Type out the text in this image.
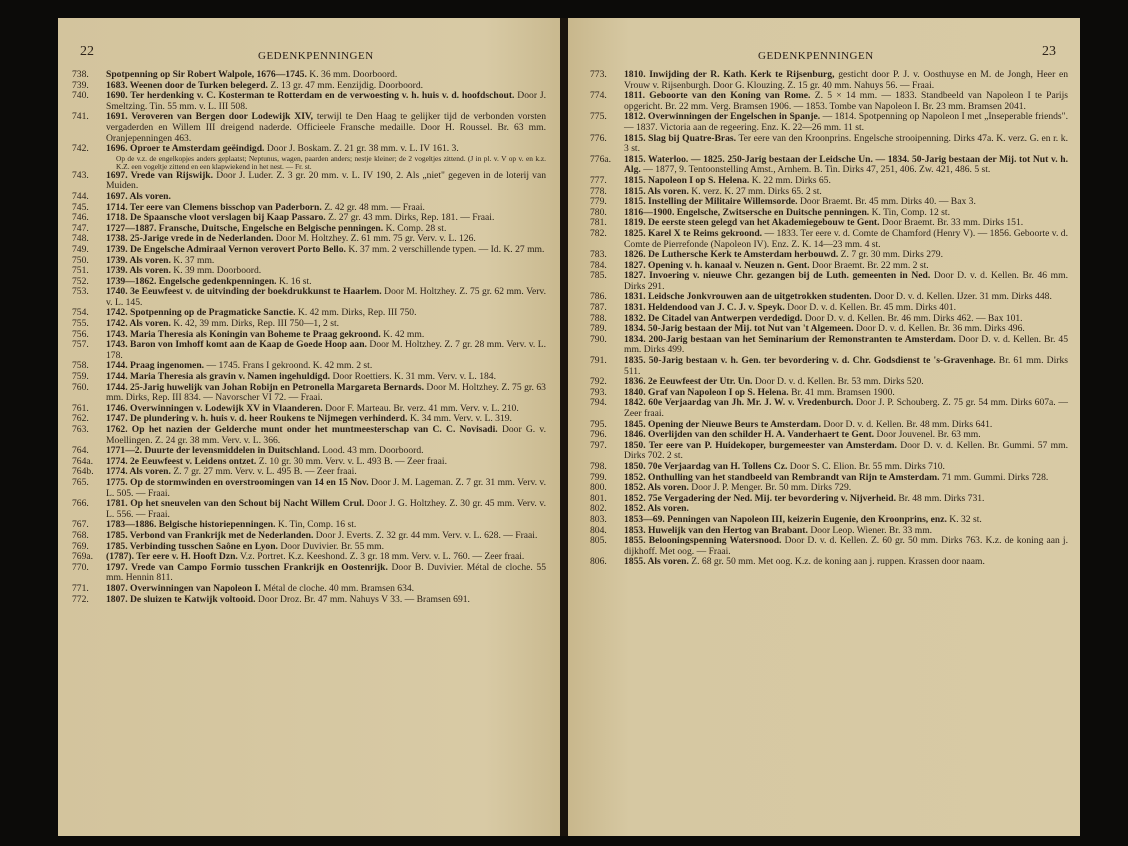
22	GEDENKPENNINGEN
738.	Spotpenning op Sir Robert Walpole, 1676—1745. K. 36 mm. Doorboord.
739.	1683. Weenen door de Turken belegerd. Z. 13 gr. 47 mm. Eenzijdig. Doorboord.
740.	1690. Ter herdenking v. C. Kosterman te Rotterdam en de verwoesting v. h. huis v. d. hoofdschout. Door J. Smeltzing. Tin. 55 mm. v. L. III 508.
741.	1691. Veroveren van Bergen door Lodewijk XIV, terwijl te Den Haag te gelijker tijd de verbonden vorsten vergaderden en Willem III dreigend naderde. Officieele Fransche medaille. Door H. Roussel. Br. 63 mm. Oranjepenningen 463.
742.	1696. Oproer te Amsterdam geëindigd. Door J. Boskam. Z. 21 gr. 38 mm. v. L. IV 161. 3.
Op de v.z. de engelkopjes anders geplaatst; Neptunus, wagen, paarden anders; nestje kleiner; de 2 vogeltjes zittend. (J in pl. v. V op v. en k.z. K.Z. een vogeltje zittend en een klapwiekend in het nest. — Fr. st.
743.	1697. Vrede van Rijswijk. Door J. Luder. Z. 3 gr. 20 mm. v. L. IV 190, 2. Als „niet" gegeven in de loterij van Muiden.
744.	1697. Als voren.
745.	1714. Ter eere van Clemens bisschop van Paderborn. Z. 42 gr. 48 mm. — Fraai.
746.	1718. De Spaansche vloot verslagen bij Kaap Passaro. Z. 27 gr. 43 mm. Dirks, Rep. 181. — Fraai.
747.	1727—1887. Fransche, Duitsche, Engelsche en Belgische penningen. K. Comp. 28 st.
748.	1738. 25-Jarige vrede in de Nederlanden. Door M. Holtzhey. Z. 61 mm. 75 gr. Verv. v. L. 126.
749.	1739. De Engelsche Admiraal Vernon verovert Porto Bello. K. 37 mm. 2 verschillende typen. — Id. K. 27 mm.
750.	1739. Als voren. K. 37 mm.
751.	1739. Als voren. K. 39 mm. Doorboord.
752.	1739—1862. Engelsche gedenkpenningen. K. 16 st.
753.	1740. 3e Eeuwfeest v. de uitvinding der boekdrukkunst te Haarlem. Door M. Holtzhey. Z. 75 gr. 62 mm. Verv. v. L. 145.
754.	1742. Spotpenning op de Pragmaticke Sanctie. K. 42 mm. Dirks, Rep. III 750.
755.	1742. Als voren. K. 42, 39 mm. Dirks, Rep. III 750—1, 2 st.
756.	1743. Maria Theresia als Koningin van Boheme te Praag gekroond. K. 42 mm.
757.	1743. Baron von Imhoff komt aan de Kaap de Goede Hoop aan. Door M. Holtzhey. Z. 7 gr. 28 mm. Verv. v. L. 178.
758.	1744. Praag ingenomen. — 1745. Frans I gekroond. K. 42 mm. 2 st.
759.	1744. Maria Theresia als gravin v. Namen ingehuldigd. Door Roettiers. K. 31 mm. Verv. v. L. 184.
760.	1744. 25-Jarig huwelijk van Johan Robijn en Petronella Margareta Bernards. Door M. Holtzhey. Z. 75 gr. 63 mm. Dirks, Rep. III 834. — Navorscher VI 72. — Fraai.
761.	1746. Overwinningen v. Lodewijk XV in Vlaanderen. Door F. Marteau. Br. verz. 41 mm. Verv. v. L. 210.
762.	1747. De plundering v. h. huis v. d. heer Roukens te Nijmegen verhinderd. K. 34 mm. Verv. v. L. 319.
763.	1762. Op het nazien der Gelderche munt onder het muntmeesterschap van C. C. Novisadi. Door G. v. Moellingen. Z. 24 gr. 38 mm. Verv. v. L. 366.
764.	1771—2. Duurte der levensmiddelen in Duitschland. Lood. 43 mm. Doorboord.
764a.	1774. 2e Eeuwfeest v. Leidens ontzet. Z. 10 gr. 30 mm. Verv. v. L. 493 B. — Zeer fraai.
764b.	1774. Als voren. Z. 7 gr. 27 mm. Verv. v. L. 495 B. — Zeer fraai.
765.	1775. Op de stormwinden en overstroomingen van 14 en 15 Nov. Door J. M. Lageman. Z. 7 gr. 31 mm. Verv. v. L. 505. — Fraai.
766.	1781. Op het sneuvelen van den Schout bij Nacht Willem Crul. Door J. G. Holtzhey. Z. 30 gr. 45 mm. Verv. v. L. 556. — Fraai.
767.	1783—1886. Belgische historiepenningen. K. Tin, Comp. 16 st.
768.	1785. Verbond van Frankrijk met de Nederlanden. Door J. Everts. Z. 32 gr. 44 mm. Verv. v. L. 628. — Fraai.
769.	1785. Verbinding tusschen Saône en Lyon. Door Duvivier. Br. 55 mm.
769a.	(1787). Ter eere v. H. Hooft Dzn. V.z. Portret. K.z. Keeshond. Z. 3 gr. 18 mm. Verv. v. L. 760. — Zeer fraai.
770.	1797. Vrede van Campo Formio tusschen Frankrijk en Oostenrijk. Door B. Duvivier. Métal de cloche. 55 mm. Hennin 811.
771.	1807. Overwinningen van Napoleon I. Métal de cloche. 40 mm. Bramsen 634.
772.	1807. De sluizen te Katwijk voltooid. Door Droz. Br. 47 mm. Nahuys V 33. — Bramsen 691.
23
GEDENKPENNINGEN
773.	1810. Inwijding der R. Kath. Kerk te Rijsenburg, gesticht door P. J. v. Oosthuyse en M. de Jongh, Heer en Vrouw v. Rijsenburgh. Door G. Klouzing. Z. 15 gr. 40 mm. Nahuys 56. — Fraai.
774.	1811. Geboorte van den Koning van Rome. Z. 5 × 14 mm. — 1833. Standbeeld van Napoleon I te Parijs opgericht. Br. 22 mm. Verg. Bramsen 1906. — 1853. Tombe van Napoleon I. Br. 23 mm. Bramsen 2041.
775.	1812. Overwinningen der Engelschen in Spanje. — 1814. Spotpenning op Napoleon I met „Inseperable friends". — 1837. Victoria aan de regeering. Enz. K. 22—26 mm. 11 st.
776.	1815. Slag bij Quatre-Bras. Ter eere van den Kroonprins. Engelsche strooipenning. Dirks 47a. K. verz. G. en r. k. 3 st.
776a.	1815. Waterloo. — 1825. 250-Jarig bestaan der Leidsche Un. — 1834. 50-Jarig bestaan der Mij. tot Nut v. h. Alg. — 1877, 9. Tentoonstelling Amst., Arnhem. B. Tin. Dirks 47, 251, 406. Zw. 421, 486. 5 st.
777.	1815. Napoleon I op S. Helena. K. 22 mm. Dirks 65.
778.	1815. Als voren. K. verz. K. 27 mm. Dirks 65. 2 st.
779.	1815. Instelling der Militaire Willemsorde. Door Braemt. Br. 45 mm. Dirks 40. — Bax 3.
780.	1816—1900. Engelsche, Zwitsersche en Duitsche penningen. K. Tin, Comp. 12 st.
781.	1819. De eerste steen gelegd van het Akademiegebouw te Gent. Door Braemt. Br. 33 mm. Dirks 151.
782.	1825. Karel X te Reims gekroond. — 1833. Ter eere v. d. Comte de Chamford (Henry V). — 1856. Geboorte v. d. Comte de Pierrefonde (Napoleon IV). Enz. Z. K. 14—23 mm. 4 st.
783.	1826. De Luthersche Kerk te Amsterdam herbouwd. Z. 7 gr. 30 mm. Dirks 279.
784.	1827. Opening v. h. kanaal v. Neuzen n. Gent. Door Braemt. Br. 22 mm. 2 st.
785.	1827. Invoering v. nieuwe Chr. gezangen bij de Luth. gemeenten in Ned. Door D. v. d. Kellen. Br. 46 mm. Dirks 291.
786.	1831. Leidsche Jonkvrouwen aan de uitgetrokken studenten. Door D. v. d. Kellen. IJzer. 31 mm. Dirks 448.
787.	1831. Heldendood van J. C. J. v. Speyk. Door D. v. d. Kellen. Br. 45 mm. Dirks 401.
788.	1832. De Citadel van Antwerpen verdedigd. Door D. v. d. Kellen. Br. 46 mm. Dirks 462. — Bax 101.
789.	1834. 50-Jarig bestaan der Mij. tot Nut van 't Algemeen. Door D. v. d. Kellen. Br. 36 mm. Dirks 496.
790.	1834. 200-Jarig bestaan van het Seminarium der Remonstranten te Amsterdam. Door D. v. d. Kellen. Br. 45 mm. Dirks 499.
791.	1835. 50-Jarig bestaan v. h. Gen. ter bevordering v. d. Chr. Godsdienst te 's-Gravenhage. Br. 61 mm. Dirks 511.
792.	1836. 2e Eeuwfeest der Utr. Un. Door D. v. d. Kellen. Br. 53 mm. Dirks 520.
793.	1840. Graf van Napoleon I op S. Helena. Br. 41 mm. Bramsen 1900.
794.	1842. 60e Verjaardag van Jh. Mr. J. W. v. Vredenburch. Door J. P. Schouberg. Z. 75 gr. 54 mm. Dirks 607a. — Zeer fraai.
795.	1845. Opening der Nieuwe Beurs te Amsterdam. Door D. v. d. Kellen. Br. 48 mm. Dirks 641.
796.	1846. Overlijden van den schilder H. A. Vanderhaert te Gent. Door Jouvenel. Br. 63 mm.
797.	1850. Ter eere van P. Huidekoper, burgemeester van Amsterdam. Door D. v. d. Kellen. Br. Gummi. 57 mm. Dirks 702. 2 st.
798.	1850. 70e Verjaardag van H. Tollens Cz. Door S. C. Elion. Br. 55 mm. Dirks 710.
799.	1852. Onthulling van het standbeeld van Rembrandt van Rijn te Amsterdam. 71 mm. Gummi. Dirks 728.
800.	1852. Als voren. Door J. P. Menger. Br. 50 mm. Dirks 729.
801.	1852. 75e Vergadering der Ned. Mij. ter bevordering v. Nijverheid. Br. 48 mm. Dirks 731.
802.	1852. Als voren.
803.	1853—69. Penningen van Napoleon III, keizerin Eugenie, den Kroonprins, enz. K. 32 st.
804.	1853. Huwelijk van den Hertog van Brabant. Door Leop. Wiener. Br. 33 mm.
805.	1855. Belooningspenning Watersnood. Door D. v. d. Kellen. Z. 60 gr. 50 mm. Dirks 763. K.z. de koning aan j. dijkhoff. Met oog. — Fraai.
806.	1855. Als voren. Z. 68 gr. 50 mm. Met oog. K.z. de koning aan j. ruppen. Krassen door naam.
